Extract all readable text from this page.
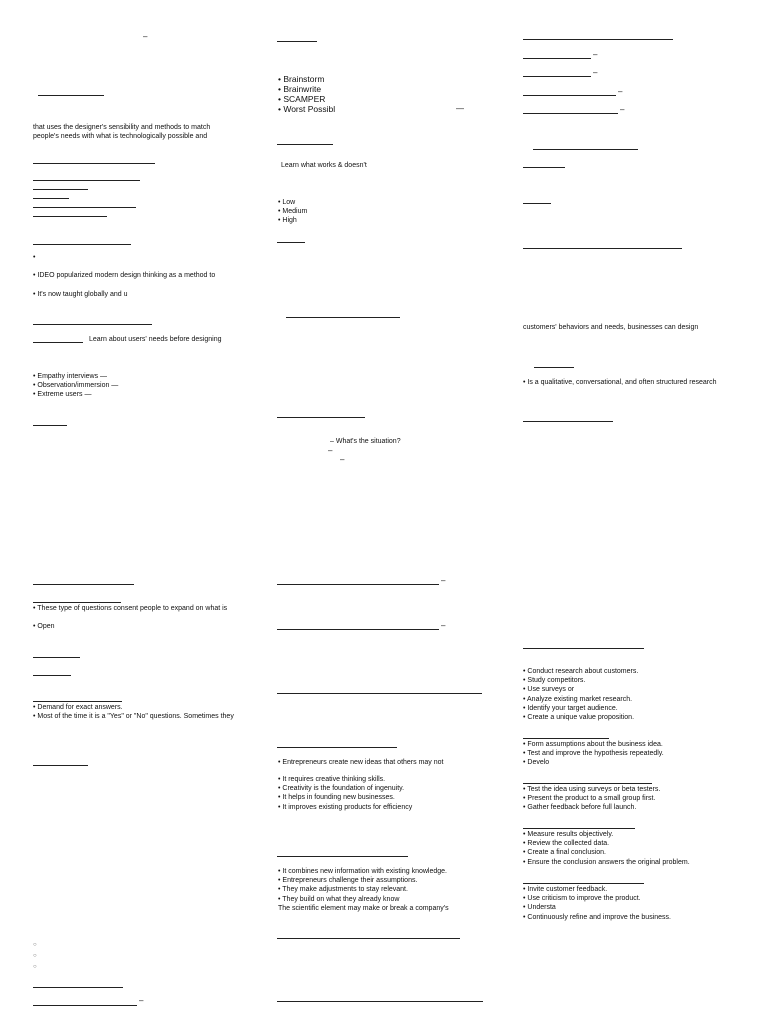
–
that uses the designer's sensibility and methods to match
people's needs with what is technologically possible and
•
• IDEO popularized modern design thinking as a method to
• It's now taught globally and u
Learn about users' needs before designing
• Empathy interviews —
• Observation/immersion —
• Extreme users —
• These type of questions consent people to expand on what is
• Open
• Demand for exact answers.
• Most of the time it is a "Yes" or "No" questions. Sometimes they
○
○
○
–
• Brainstorm
• Brainwrite
• SCAMPER
• Worst Possibl	—
Learn what works & doesn't
• Low
• Medium
• High
– What's the situation?
–
–
–
–
• Entrepreneurs create new ideas that others may not
• It requires creative thinking skills.
• Creativity is the foundation of ingenuity.
• It helps in founding new businesses.
• It improves existing products for efficiency
• It combines new information with existing knowledge.
• Entrepreneurs challenge their assumptions.
• They make adjustments to stay relevant.
• They build on what they already know
The scientific element may make or break a company's
–
–
–
–
customers' behaviors and needs, businesses can design
• Is a qualitative, conversational, and often structured research
• Conduct research about customers.
• Study competitors.
• Use surveys or
• Analyze existing market research.
• Identify your target audience.
• Create a unique value proposition.
• Form assumptions about the business idea.
• Test and improve the hypothesis repeatedly.
• Develo
• Test the idea using surveys or beta testers.
• Present the product to a small group first.
• Gather feedback before full launch.
• Measure results objectively.
• Review the collected data.
• Create a final conclusion.
• Ensure the conclusion answers the original problem.
• Invite customer feedback.
• Use criticism to improve the product.
• Understa
• Continuously refine and improve the business.
